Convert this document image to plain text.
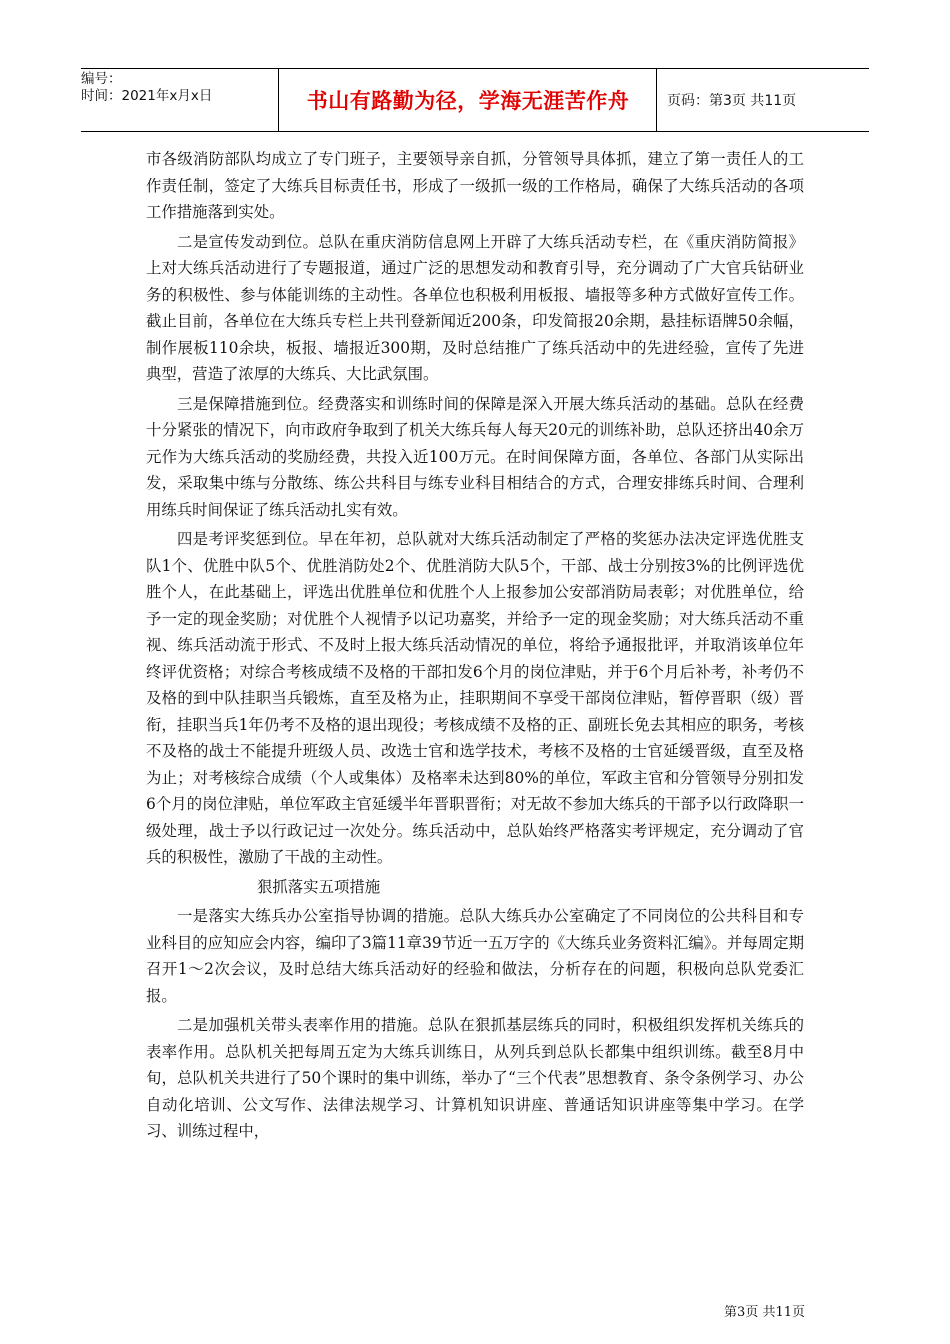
编号：
时间：2021年x月x日	书山有路勤为径，学海无涯苦作舟	页码：第3页 共11页

市各级消防部队均成立了专门班子，主要领导亲自抓，分管领导具体抓，建立了第一责任人的工作责任制，签定了大练兵目标责任书，形成了一级抓一级的工作格局，确保了大练兵活动的各项工作措施落到实处。

二是宣传发动到位。总队在重庆消防信息网上开辟了大练兵活动专栏，在《重庆消防简报》上对大练兵活动进行了专题报道，通过广泛的思想发动和教育引导，充分调动了广大官兵钻研业务的积极性、参与体能训练的主动性。各单位也积极利用板报、墙报等多种方式做好宣传工作。截止目前，各单位在大练兵专栏上共刊登新闻近200条，印发简报20余期，悬挂标语牌50余幅，制作展板110余块，板报、墙报近300期，及时总结推广了练兵活动中的先进经验，宣传了先进典型，营造了浓厚的大练兵、大比武氛围。

三是保障措施到位。经费落实和训练时间的保障是深入开展大练兵活动的基础。总队在经费十分紧张的情况下，向市政府争取到了机关大练兵每人每天20元的训练补助，总队还挤出40余万元作为大练兵活动的奖励经费，共投入近100万元。在时间保障方面，各单位、各部门从实际出发，采取集中练与分散练、练公共科目与练专业科目相结合的方式，合理安排练兵时间、合理利用练兵时间保证了练兵活动扎实有效。

四是考评奖惩到位。早在年初，总队就对大练兵活动制定了严格的奖惩办法决定评选优胜支队1个、优胜中队5个、优胜消防处2个、优胜消防大队5个，干部、战士分别按3%的比例评选优胜个人，在此基础上，评选出优胜单位和优胜个人上报参加公安部消防局表彰；对优胜单位，给予一定的现金奖励；对优胜个人视情予以记功嘉奖，并给予一定的现金奖励；对大练兵活动不重视、练兵活动流于形式、不及时上报大练兵活动情况的单位，将给予通报批评，并取消该单位年终评优资格；对综合考核成绩不及格的干部扣发6个月的岗位津贴，并于6个月后补考，补考仍不及格的到中队挂职当兵锻炼，直至及格为止，挂职期间不享受干部岗位津贴，暂停晋职（级）晋衔，挂职当兵1年仍考不及格的退出现役；考核成绩不及格的正、副班长免去其相应的职务，考核不及格的战士不能提升班级人员、改选士官和选学技术，考核不及格的士官延缓晋级，直至及格为止；对考核综合成绩（个人或集体）及格率未达到80%的单位，军政主官和分管领导分别扣发6个月的岗位津贴，单位军政主官延缓半年晋职晋衔；对无故不参加大练兵的干部予以行政降职一级处理，战士予以行政记过一次处分。练兵活动中，总队始终严格落实考评规定，充分调动了官兵的积极性，激励了干战的主动性。

狠抓落实五项措施

一是落实大练兵办公室指导协调的措施。总队大练兵办公室确定了不同岗位的公共科目和专业科目的应知应会内容，编印了3篇11章39节近一五万字的《大练兵业务资料汇编》。并每周定期召开1～2次会议，及时总结大练兵活动好的经验和做法，分析存在的问题，积极向总队党委汇报。

二是加强机关带头表率作用的措施。总队在狠抓基层练兵的同时，积极组织发挥机关练兵的表率作用。总队机关把每周五定为大练兵训练日，从列兵到总队长都集中组织训练。截至8月中旬，总队机关共进行了50个课时的集中训练，举办了“三个代表”思想教育、条令条例学习、办公自动化培训、公文写作、法律法规学习、计算机知识讲座、普通话知识讲座等集中学习。在学习、训练过程中，

第3页 共11页
